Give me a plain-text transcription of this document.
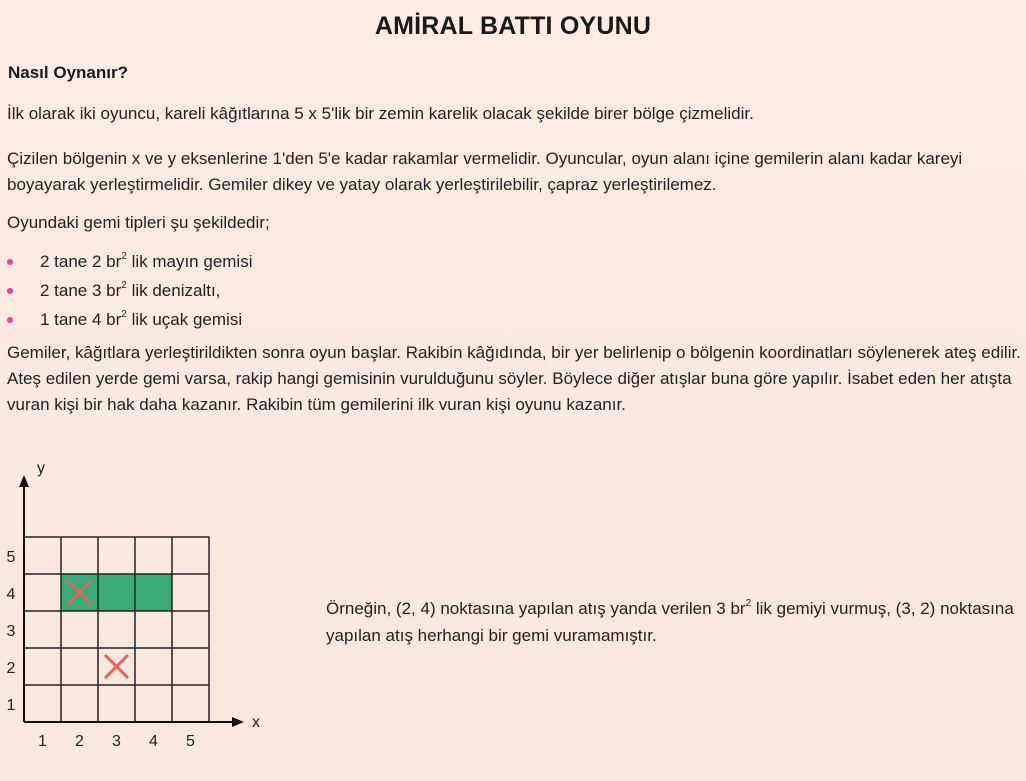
AMİRAL BATTI OYUNU
Nasıl Oynanır?

İlk olarak iki oyuncu, kareli kâğıtlarına 5 x 5'lik bir zemin karelik olacak şekilde birer bölge çizmelidir.

Çizilen bölgenin x ve y eksenlerine 1'den 5'e kadar rakamlar vermelidir. Oyuncular, oyun alanı içine gemilerin alanı kadar kareyi boyayarak yerleştirmelidir. Gemiler dikey ve yatay olarak yerleştirilebilir, çapraz yerleştirilemez.

Oyundaki gemi tipleri şu şekildedir;

2 tane 2 $br^2$ lik mayın gemisi
2 tane 3 $br^2$ lik denizaltı,
1 tane 4 $br^2$ lik uçak gemisi

Gemiler, kâğıtlara yerleştirildikten sonra oyun başlar. Rakibin kâğıdında, bir yer belirlenip o bölgenin koordinatları söylenerek ateş edilir. Ateş edilen yerde gemi varsa, rakip hangi gemisinin vurulduğunu söyler. Böylece diğer atışlar buna göre yapılır. İsabet eden her atışta vuran kişi bir hak daha kazanır. Rakibin tüm gemilerini ilk vuran kişi oyunu kazanır.

1 2 3 4 5
1
2
3
4
5
x
y
Örneğin, (2, 4) noktasına yapılan atış yanda verilen 3 $br^2$ lik gemiyi vurmuş, (3, 2) noktasına yapılan atış herhangi bir gemi vuramamıştır.
